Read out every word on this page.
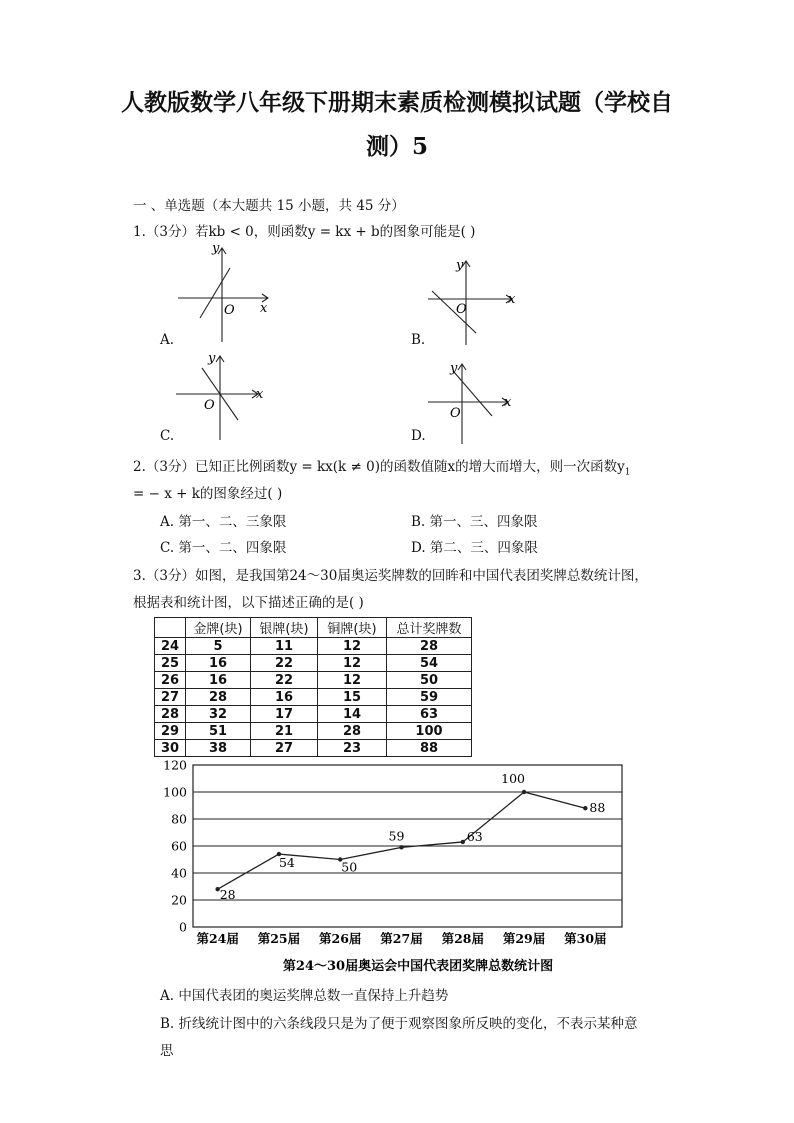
人教版数学八年级下册期末素质检测模拟试题（学校自
测）5
一 、单选题（本大题共 15 小题，共 45 分）
1.（3分）若kb < 0，则函数y = kx + b的图象可能是( )
x
y
O
A.
x
y
O
B.
x
y
O
C.
x
y
O
D.
2.（3分）已知正比例函数y = kx(k ≠ 0)的函数值随x的增大而增大，则一次函数$y_1$
= − x + k的图象经过( )
A. 第一、二、三象限	B. 第一、三、四象限
C. 第一、二、四象限	D. 第二、三、四象限
3.（3分）如图，是我国第24～30届奥运奖牌数的回眸和中国代表团奖牌总数统计图，
根据表和统计图，以下描述正确的是( )
	金牌(块)	银牌(块)	铜牌(块)	总计奖牌数
24	5	11	12	28
25	16	22	12	54
26	16	22	12	50
27	28	16	15	59
28	32	17	14	63
29	51	21	28	100
30	38	27	23	88
0
20
40
60
80
100
120
第24届 第25届 第26届 第27届 第28届 第29届 第30届
28
54	50
59	63
100
88
第24～30届奥运会中国代表团奖牌总数统计图
A. 中国代表团的奥运奖牌总数一直保持上升趋势
B. 折线统计图中的六条线段只是为了便于观察图象所反映的变化，不表示某种意
思
